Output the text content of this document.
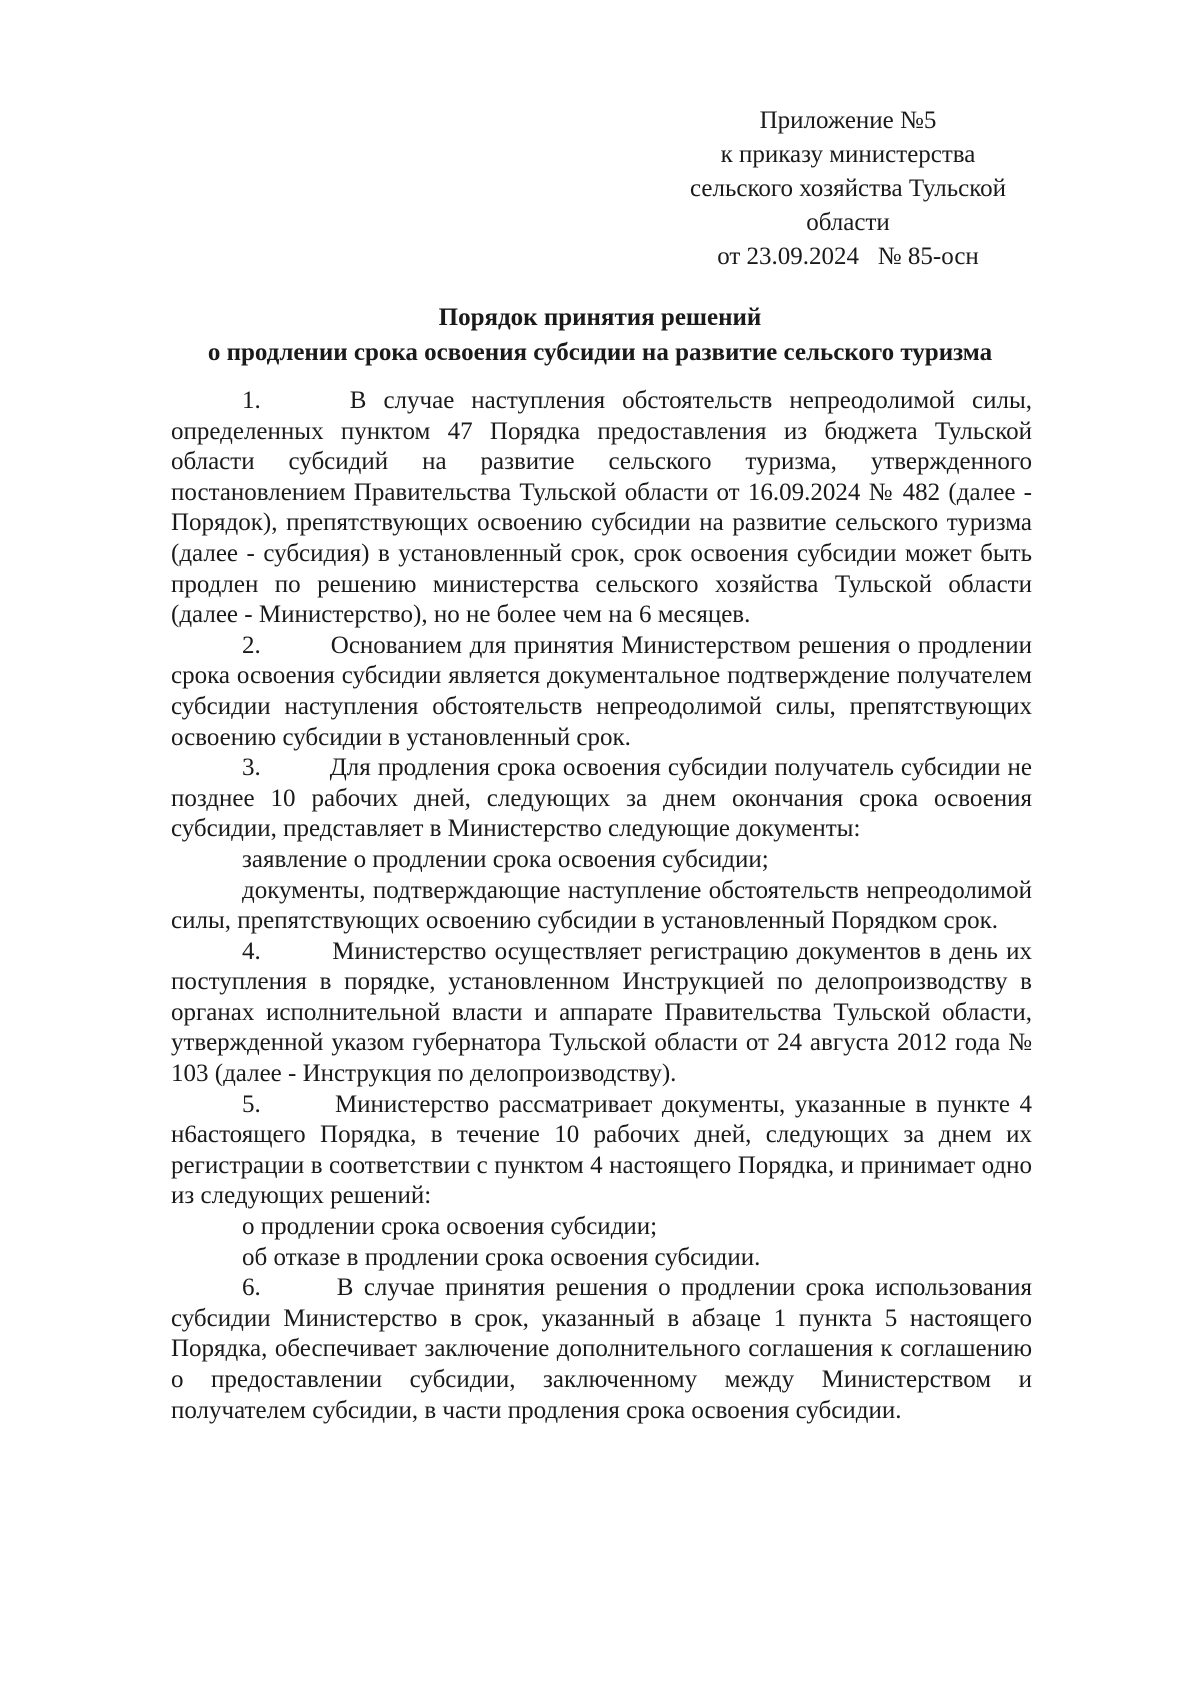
Приложение №5
к приказу министерства
сельского хозяйства Тульской
области
от 23.09.2024   № 85-осн
Порядок принятия решений
о продлении срока освоения субсидии на развитие сельского туризма

1.	В случае наступления обстоятельств непреодолимой силы, определенных пунктом 47 Порядка предоставления из бюджета Тульской области субсидий на развитие сельского туризма, утвержденного постановлением Правительства Тульской области от 16.09.2024 № 482 (далее - Порядок), препятствующих освоению субсидии на развитие сельского туризма (далее - субсидия) в установленный срок, срок освоения субсидии может быть продлен по решению министерства сельского хозяйства Тульской области (далее - Министерство), но не более чем на 6 месяцев.

2.	Основанием для принятия Министерством решения о продлении срока освоения субсидии является документальное подтверждение получателем субсидии наступления обстоятельств непреодолимой силы, препятствующих освоению субсидии в установленный срок.

3.	Для продления срока освоения субсидии получатель субсидии не позднее 10 рабочих дней, следующих за днем окончания срока освоения субсидии, представляет в Министерство следующие документы:

заявление о продлении срока освоения субсидии;

документы, подтверждающие наступление обстоятельств непреодолимой силы, препятствующих освоению субсидии в установленный Порядком срок.

4.	Министерство осуществляет регистрацию документов в день их поступления в порядке, установленном Инструкцией по делопроизводству в органах исполнительной власти и аппарате Правительства Тульской области, утвержденной указом губернатора Тульской области от 24 августа 2012 года № 103 (далее - Инструкция по делопроизводству).

5.	Министерство рассматривает документы, указанные в пункте 4 н6астоящего Порядка, в течение 10 рабочих дней, следующих за днем их регистрации в соответствии с пунктом 4 настоящего Порядка, и принимает одно из следующих решений:

о продлении срока освоения субсидии;

об отказе в продлении срока освоения субсидии.

6.	В случае принятия решения о продлении срока использования субсидии Министерство в срок, указанный в абзаце 1 пункта 5 настоящего Порядка, обеспечивает заключение дополнительного соглашения к соглашению о предоставлении субсидии, заключенному между Министерством и получателем субсидии, в части продления срока освоения субсидии.
